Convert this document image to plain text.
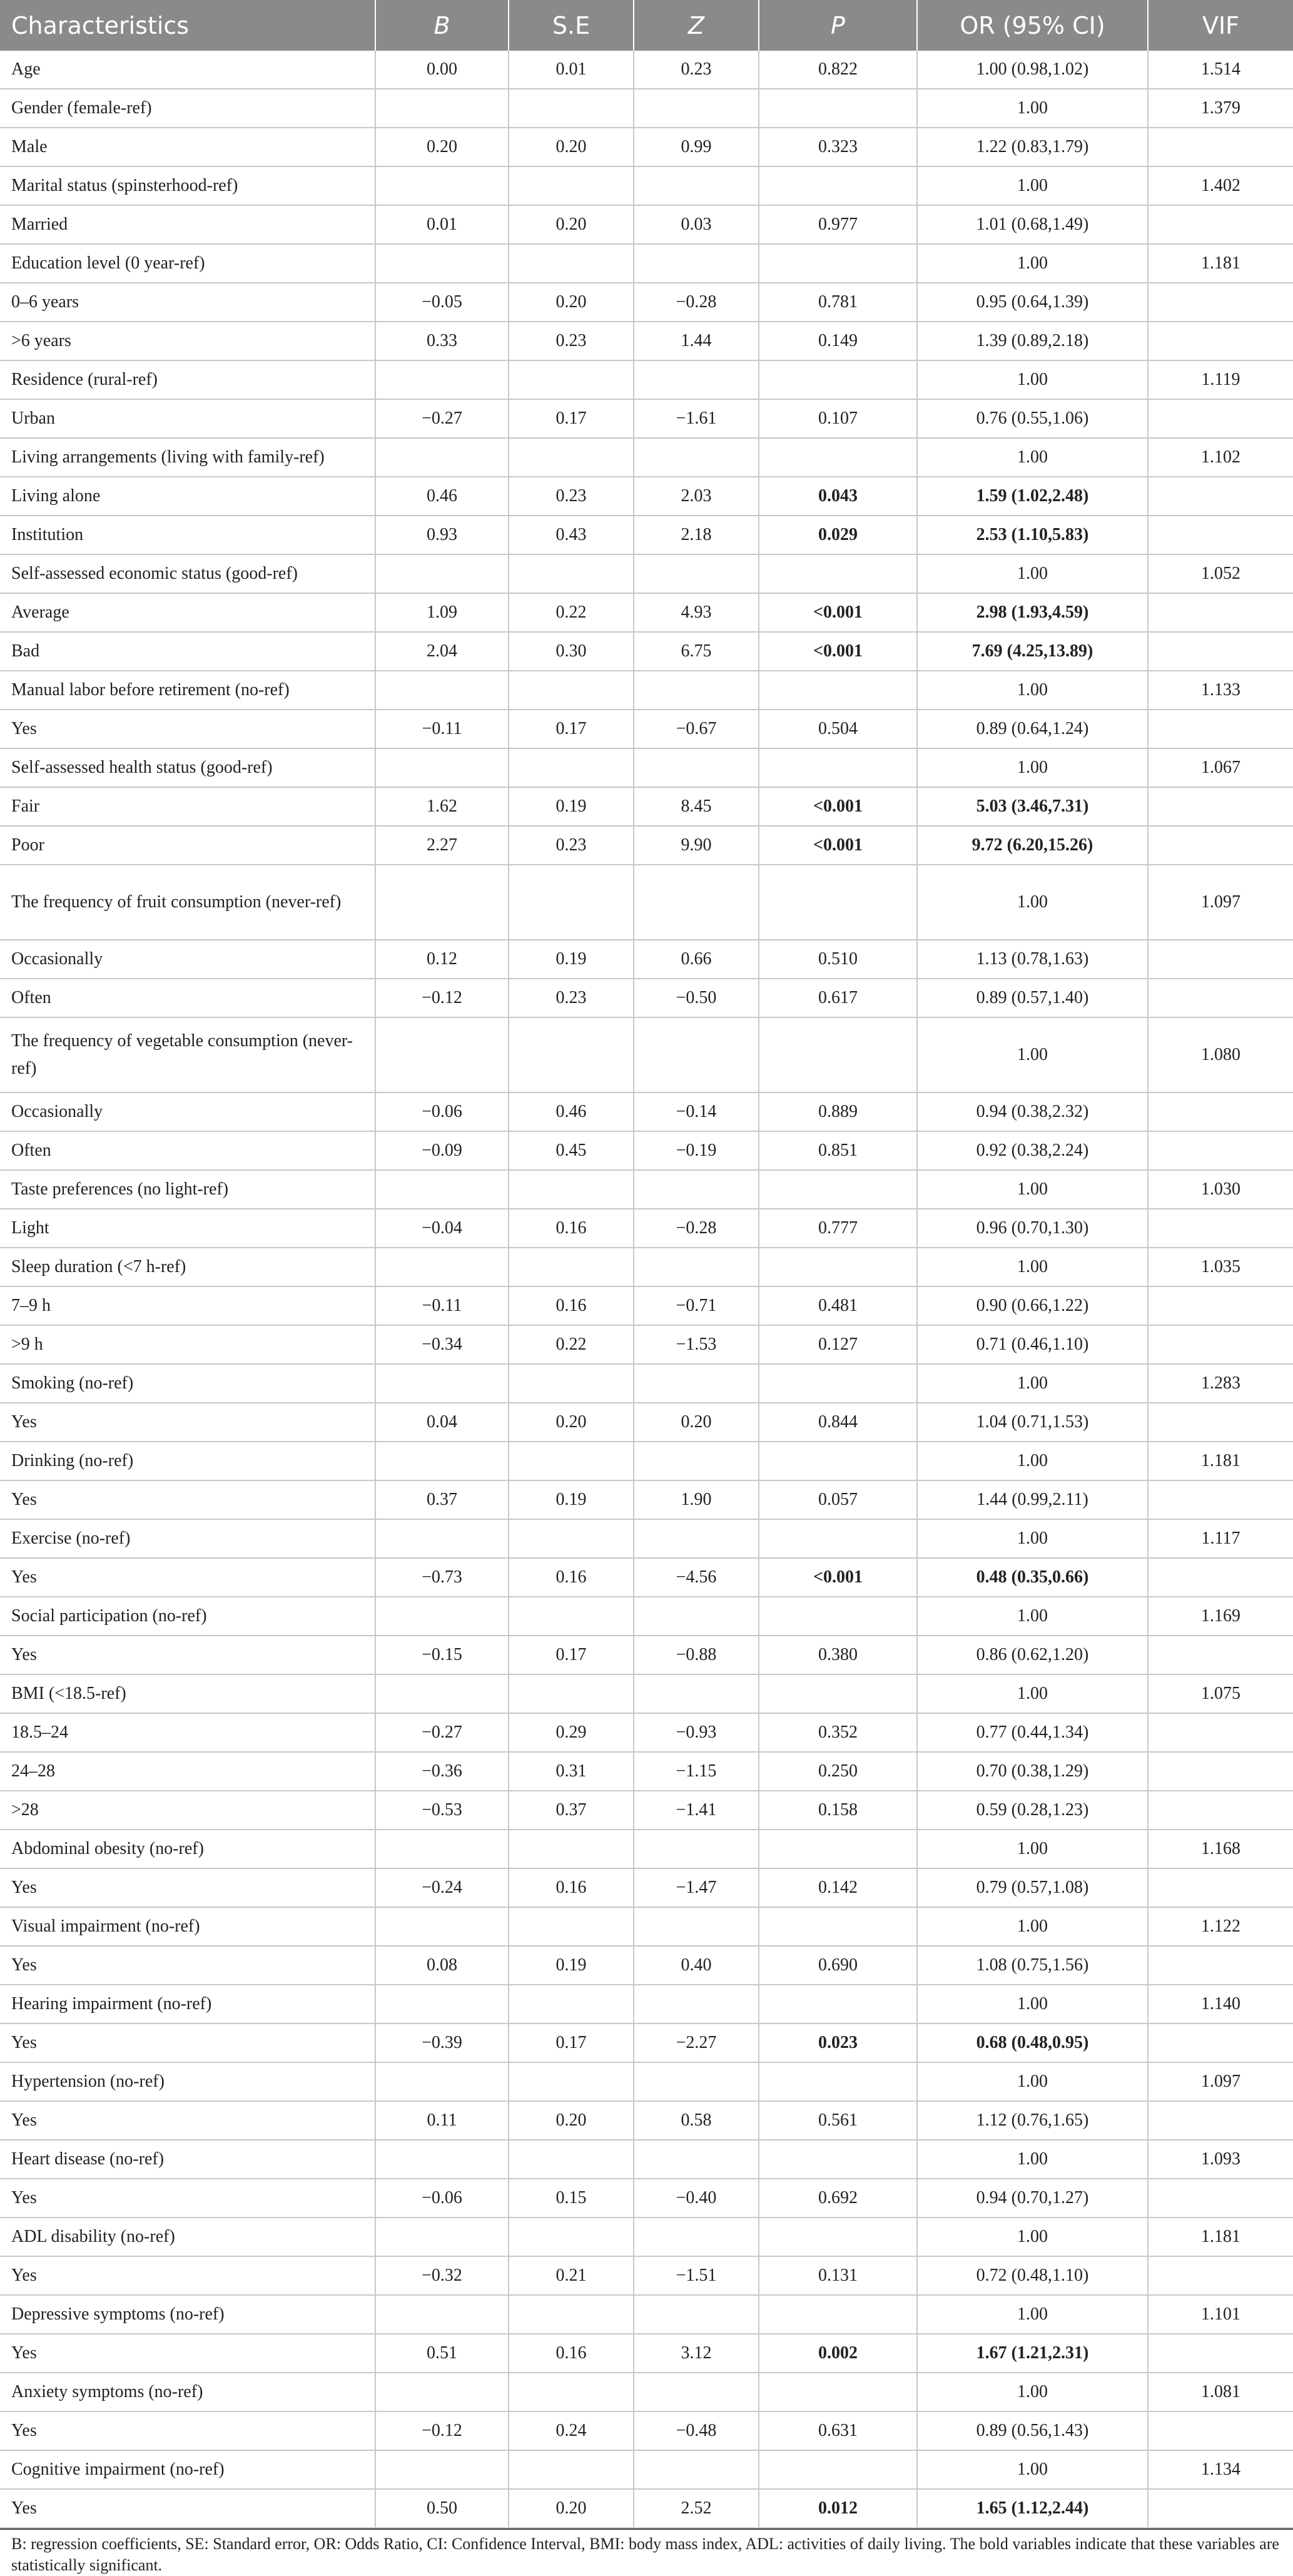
Characteristics	B	S.E	Z	P	OR (95% CI)	VIF
Age	0.00	0.01	0.23	0.822	1.00 (0.98,1.02)	1.514
Gender (female-ref)					1.00	1.379
Male	0.20	0.20	0.99	0.323	1.22 (0.83,1.79)	
Marital status (spinsterhood-ref)					1.00	1.402
Married	0.01	0.20	0.03	0.977	1.01 (0.68,1.49)	
Education level (0 year-ref)					1.00	1.181
0–6 years	−0.05	0.20	−0.28	0.781	0.95 (0.64,1.39)	
>6 years	0.33	0.23	1.44	0.149	1.39 (0.89,2.18)	
Residence (rural-ref)					1.00	1.119
Urban	−0.27	0.17	−1.61	0.107	0.76 (0.55,1.06)	
Living arrangements (living with family-ref)					1.00	1.102
Living alone	0.46	0.23	2.03	0.043	1.59 (1.02,2.48)	
Institution	0.93	0.43	2.18	0.029	2.53 (1.10,5.83)	
Self-assessed economic status (good-ref)					1.00	1.052
Average	1.09	0.22	4.93	<0.001	2.98 (1.93,4.59)	
Bad	2.04	0.30	6.75	<0.001	7.69 (4.25,13.89)	
Manual labor before retirement (no-ref)					1.00	1.133
Yes	−0.11	0.17	−0.67	0.504	0.89 (0.64,1.24)	
Self-assessed health status (good-ref)					1.00	1.067
Fair	1.62	0.19	8.45	<0.001	5.03 (3.46,7.31)	
Poor	2.27	0.23	9.90	<0.001	9.72 (6.20,15.26)	
The frequency of fruit consumption (never-ref)					1.00	1.097
Occasionally	0.12	0.19	0.66	0.510	1.13 (0.78,1.63)	
Often	−0.12	0.23	−0.50	0.617	0.89 (0.57,1.40)	
The frequency of vegetable consumption (never-ref)					1.00	1.080
Occasionally	−0.06	0.46	−0.14	0.889	0.94 (0.38,2.32)	
Often	−0.09	0.45	−0.19	0.851	0.92 (0.38,2.24)	
Taste preferences (no light-ref)					1.00	1.030
Light	−0.04	0.16	−0.28	0.777	0.96 (0.70,1.30)	
Sleep duration (<7 h-ref)					1.00	1.035
7–9 h	−0.11	0.16	−0.71	0.481	0.90 (0.66,1.22)	
>9 h	−0.34	0.22	−1.53	0.127	0.71 (0.46,1.10)	
Smoking (no-ref)					1.00	1.283
Yes	0.04	0.20	0.20	0.844	1.04 (0.71,1.53)	
Drinking (no-ref)					1.00	1.181
Yes	0.37	0.19	1.90	0.057	1.44 (0.99,2.11)	
Exercise (no-ref)					1.00	1.117
Yes	−0.73	0.16	−4.56	<0.001	0.48 (0.35,0.66)	
Social participation (no-ref)					1.00	1.169
Yes	−0.15	0.17	−0.88	0.380	0.86 (0.62,1.20)	
BMI (<18.5-ref)					1.00	1.075
18.5–24	−0.27	0.29	−0.93	0.352	0.77 (0.44,1.34)	
24–28	−0.36	0.31	−1.15	0.250	0.70 (0.38,1.29)	
>28	−0.53	0.37	−1.41	0.158	0.59 (0.28,1.23)	
Abdominal obesity (no-ref)					1.00	1.168
Yes	−0.24	0.16	−1.47	0.142	0.79 (0.57,1.08)	
Visual impairment (no-ref)					1.00	1.122
Yes	0.08	0.19	0.40	0.690	1.08 (0.75,1.56)	
Hearing impairment (no-ref)					1.00	1.140
Yes	−0.39	0.17	−2.27	0.023	0.68 (0.48,0.95)	
Hypertension (no-ref)					1.00	1.097
Yes	0.11	0.20	0.58	0.561	1.12 (0.76,1.65)	
Heart disease (no-ref)					1.00	1.093
Yes	−0.06	0.15	−0.40	0.692	0.94 (0.70,1.27)	
ADL disability (no-ref)					1.00	1.181
Yes	−0.32	0.21	−1.51	0.131	0.72 (0.48,1.10)	
Depressive symptoms (no-ref)					1.00	1.101
Yes	0.51	0.16	3.12	0.002	1.67 (1.21,2.31)	
Anxiety symptoms (no-ref)					1.00	1.081
Yes	−0.12	0.24	−0.48	0.631	0.89 (0.56,1.43)	
Cognitive impairment (no-ref)					1.00	1.134
Yes	0.50	0.20	2.52	0.012	1.65 (1.12,2.44)	
B: regression coefficients, SE: Standard error, OR: Odds Ratio, CI: Confidence Interval, BMI: body mass index, ADL: activities of daily living. The bold variables indicate that these variables are statistically significant.
